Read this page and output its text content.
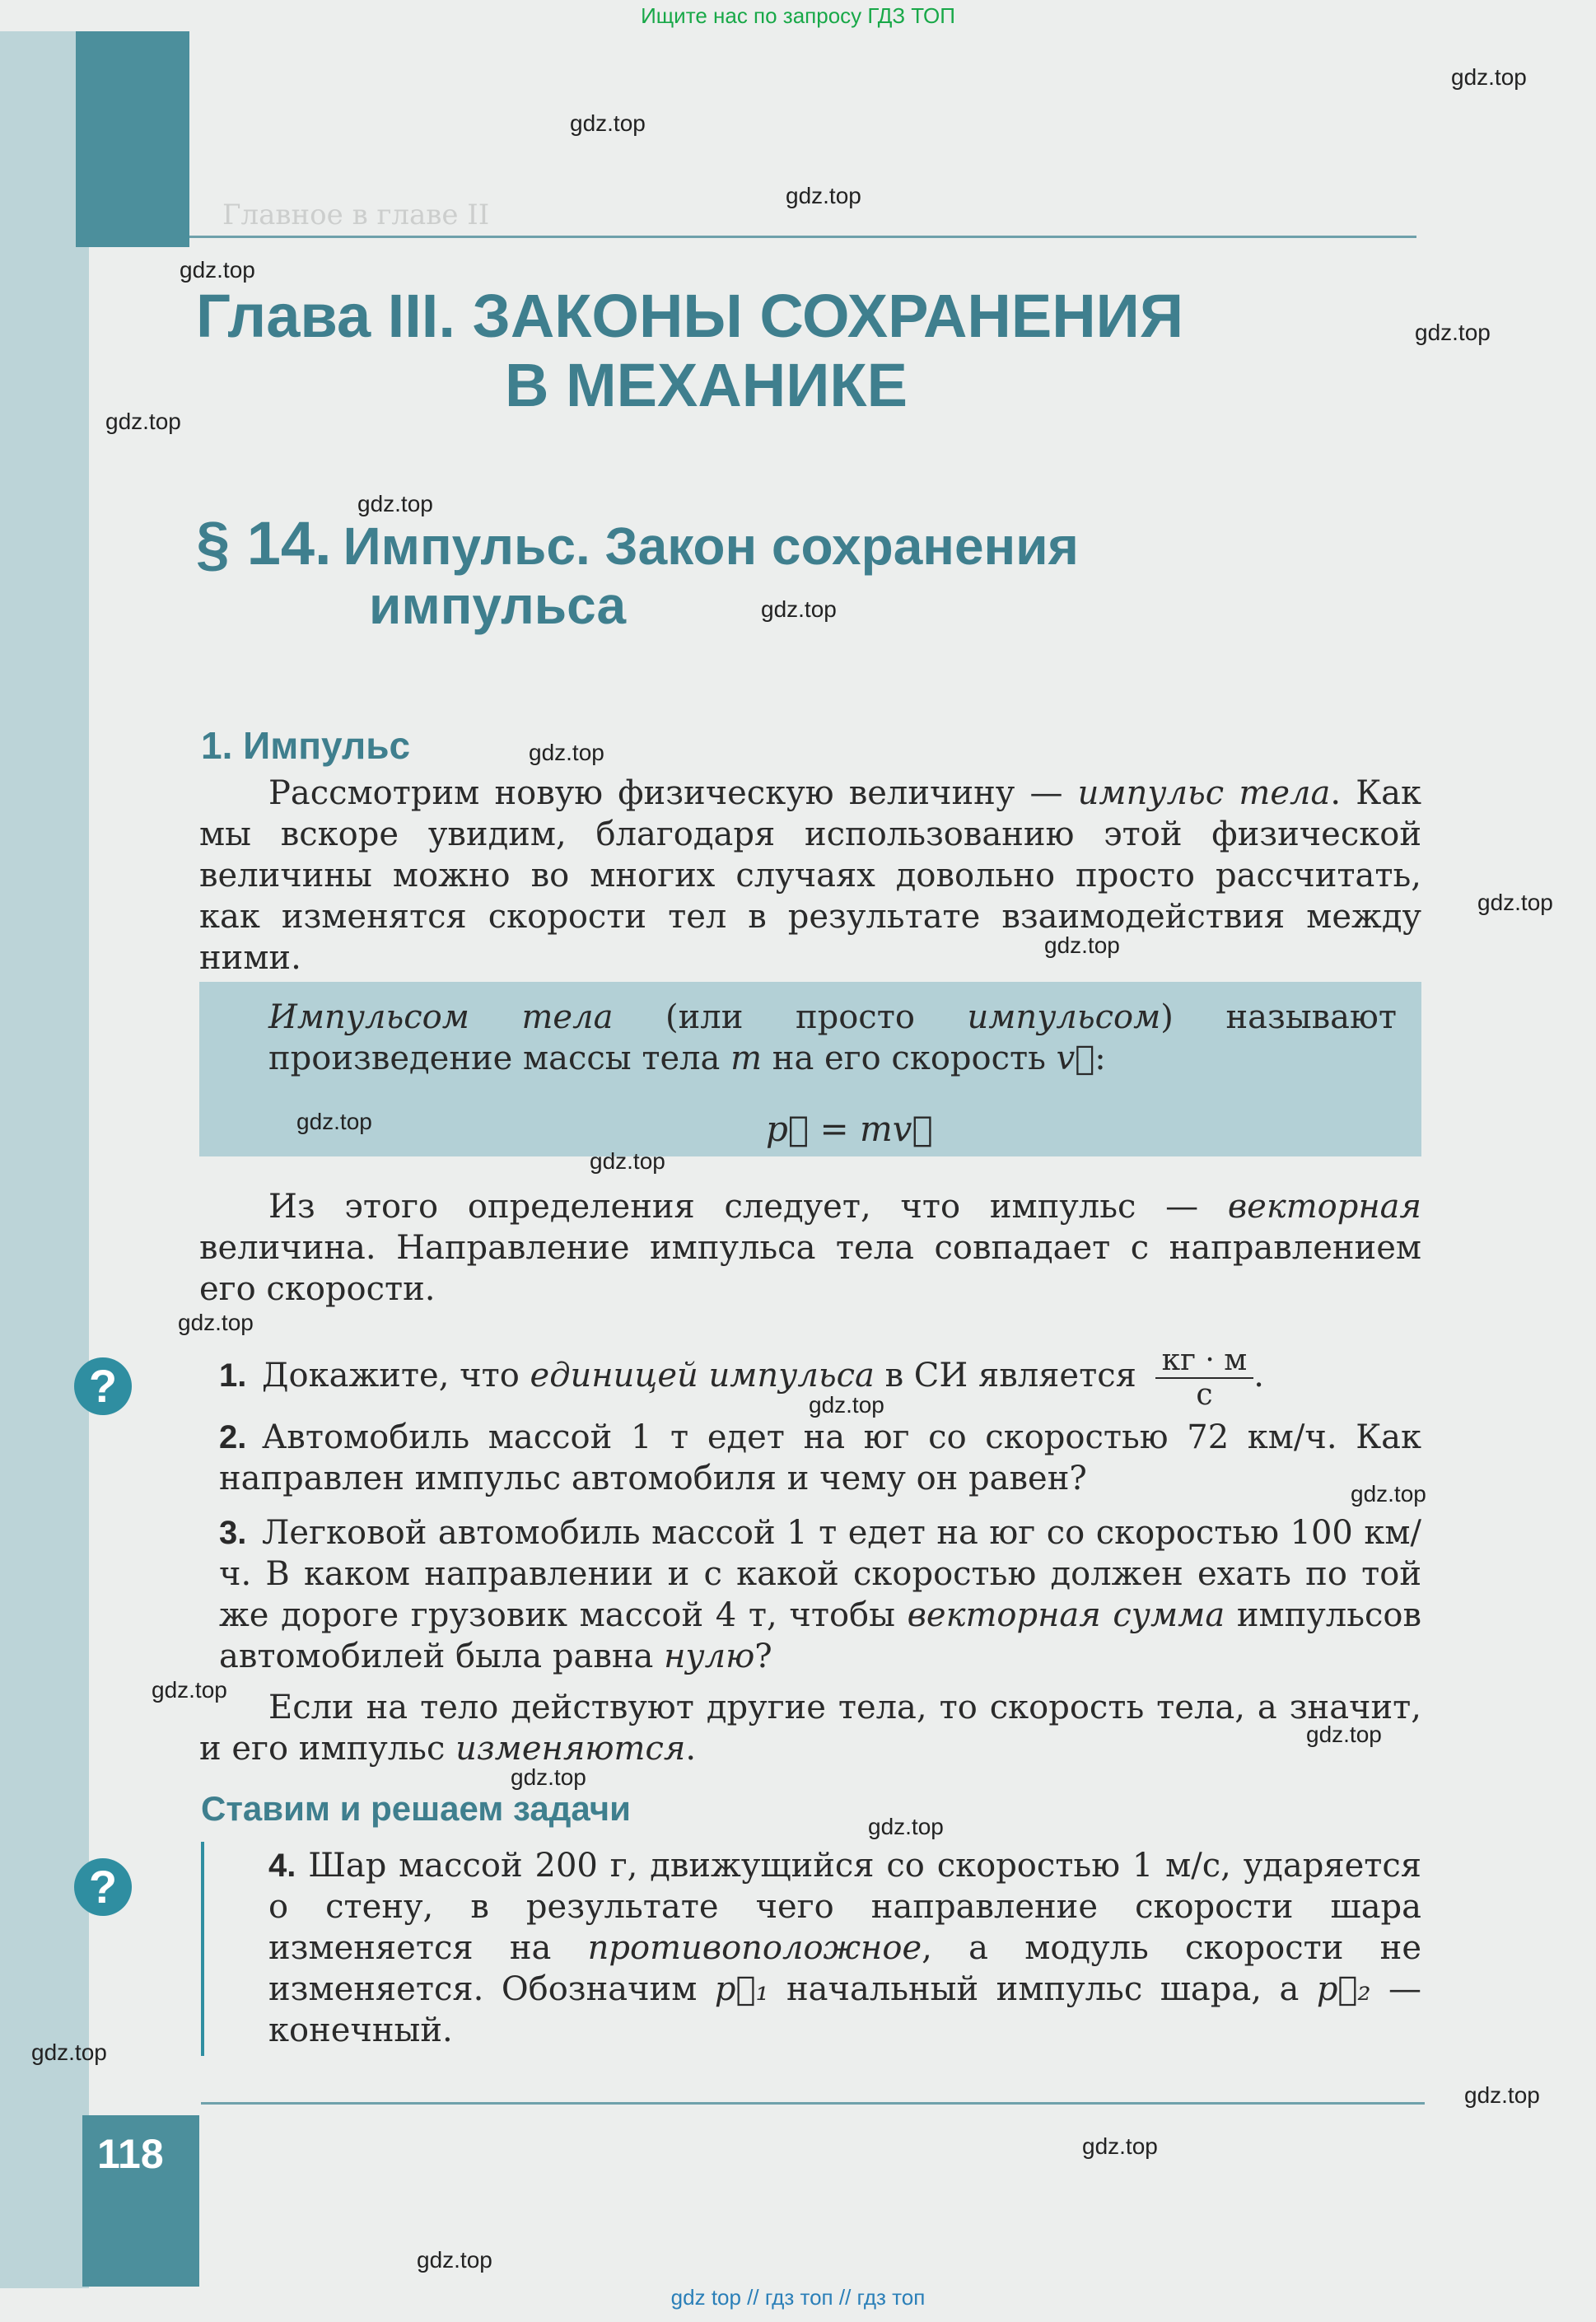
Ищите нас по запросу ГДЗ ТОП
Главное в главе II
Глава III. ЗАКОНЫ СОХРАНЕНИЯ
В МЕХАНИКЕ
§ 14. Импульс. Закон сохранения
импульса
1. Импульс
Рассмотрим новую физическую величину — импульс тела. Как мы вскоре увидим, благодаря использованию этой физической величины можно во многих случаях довольно просто рассчитать, как изменятся скорости тел в результате взаимодействия между ними.
Импульсом тела (или просто импульсом) называют произведение массы тела m на его скорость v⃗:
p⃗ = mv⃗
Из этого определения следует, что импульс — векторная величина. Направление импульса тела совпадает с направлением его скорости.
?	1. Докажите, что единицей импульса в СИ является $\frac{кг \cdot м}{с}$.
2. Автомобиль массой 1 т едет на юг со скоростью 72 км/ч. Как направлен импульс автомобиля и чему он равен?
3. Легковой автомобиль массой 1 т едет на юг со скоростью 100 км/ч. В каком направлении и с какой скоростью должен ехать по той же дороге грузовик массой 4 т, чтобы векторная сумма импульсов автомобилей была равна нулю?
Если на тело действуют другие тела, то скорость тела, а значит, и его импульс изменяются.
Ставим и решаем задачи
?	4. Шар массой 200 г, движущийся со скоростью 1 м/с, ударяется о стену, в результате чего направление скорости шара изменяется на противоположное, а модуль скорости не изменяется. Обозначим p⃗₁ начальный импульс шара, а p⃗₂ — конечный.
118
gdz.top
gdz.top
gdz.top
gdz.top
gdz.top
gdz.top
gdz.top
gdz.top
gdz.top
gdz.top
gdz.top
gdz.top
gdz.top
gdz.top
gdz.top
gdz.top
gdz.top
gdz.top
gdz.top
gdz.top
gdz.top
gdz.top
gdz.top
gdz.top
gdz top // гдз топ // гдз топ
